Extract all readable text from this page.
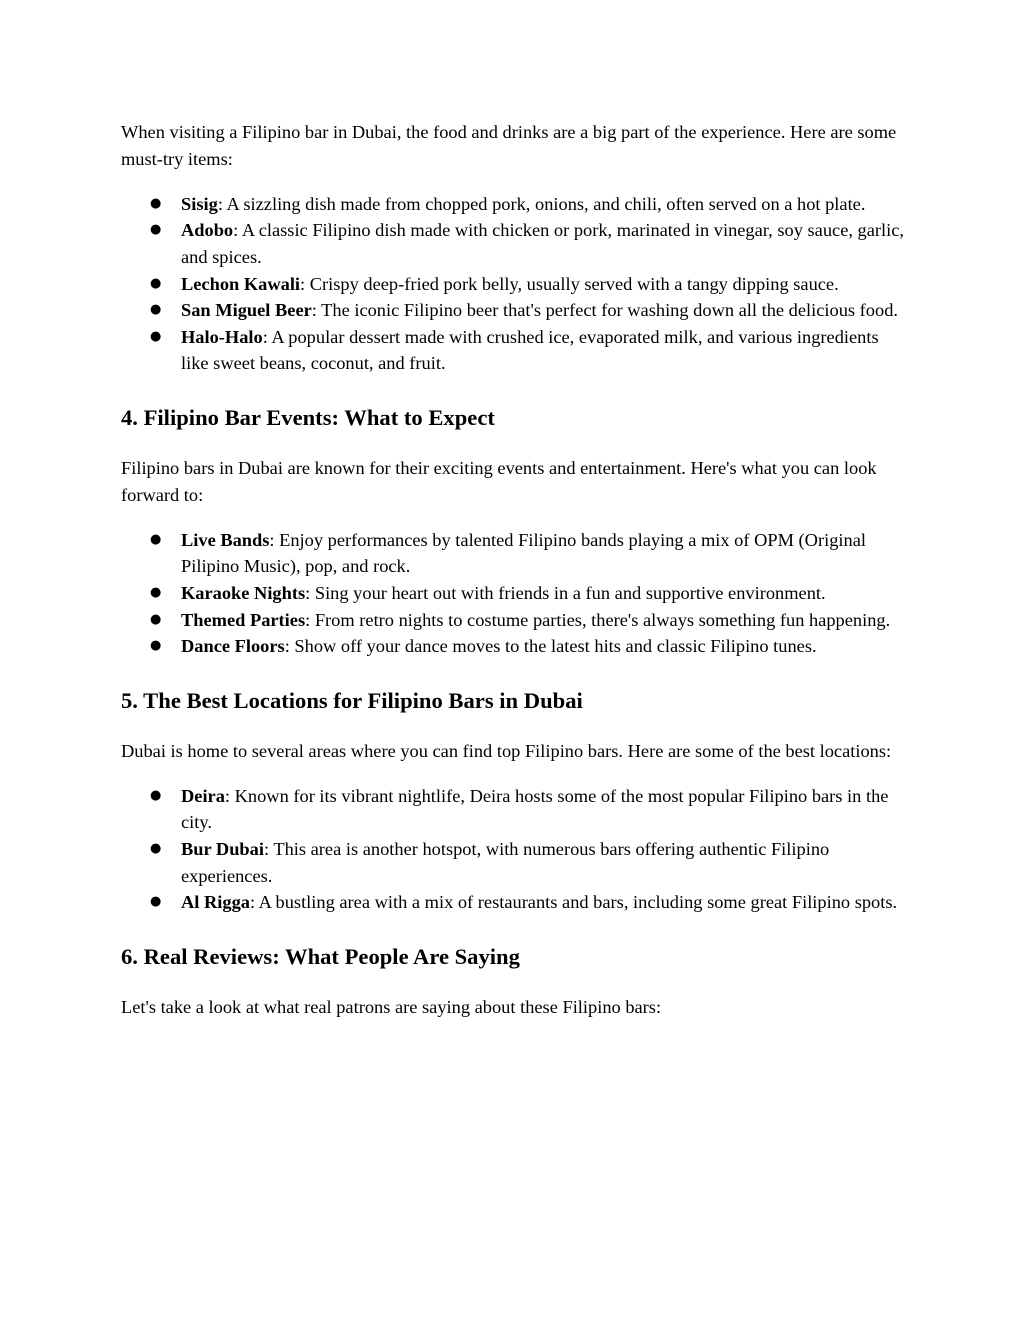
When visiting a Filipino bar in Dubai, the food and drinks are a big part of the experience. Here are some must-try items:

● Sisig: A sizzling dish made from chopped pork, onions, and chili, often served on a hot plate.
● Adobo: A classic Filipino dish made with chicken or pork, marinated in vinegar, soy sauce, garlic, and spices.
● Lechon Kawali: Crispy deep-fried pork belly, usually served with a tangy dipping sauce.
● San Miguel Beer: The iconic Filipino beer that's perfect for washing down all the delicious food.
● Halo-Halo: A popular dessert made with crushed ice, evaporated milk, and various ingredients like sweet beans, coconut, and fruit.
4. Filipino Bar Events: What to Expect

Filipino bars in Dubai are known for their exciting events and entertainment. Here's what you can look forward to:

● Live Bands: Enjoy performances by talented Filipino bands playing a mix of OPM (Original Pilipino Music), pop, and rock.
● Karaoke Nights: Sing your heart out with friends in a fun and supportive environment.
● Themed Parties: From retro nights to costume parties, there's always something fun happening.
● Dance Floors: Show off your dance moves to the latest hits and classic Filipino tunes.
5. The Best Locations for Filipino Bars in Dubai

Dubai is home to several areas where you can find top Filipino bars. Here are some of the best locations:

● Deira: Known for its vibrant nightlife, Deira hosts some of the most popular Filipino bars in the city.
● Bur Dubai: This area is another hotspot, with numerous bars offering authentic Filipino experiences.
● Al Rigga: A bustling area with a mix of restaurants and bars, including some great Filipino spots.
6. Real Reviews: What People Are Saying

Let's take a look at what real patrons are saying about these Filipino bars:
